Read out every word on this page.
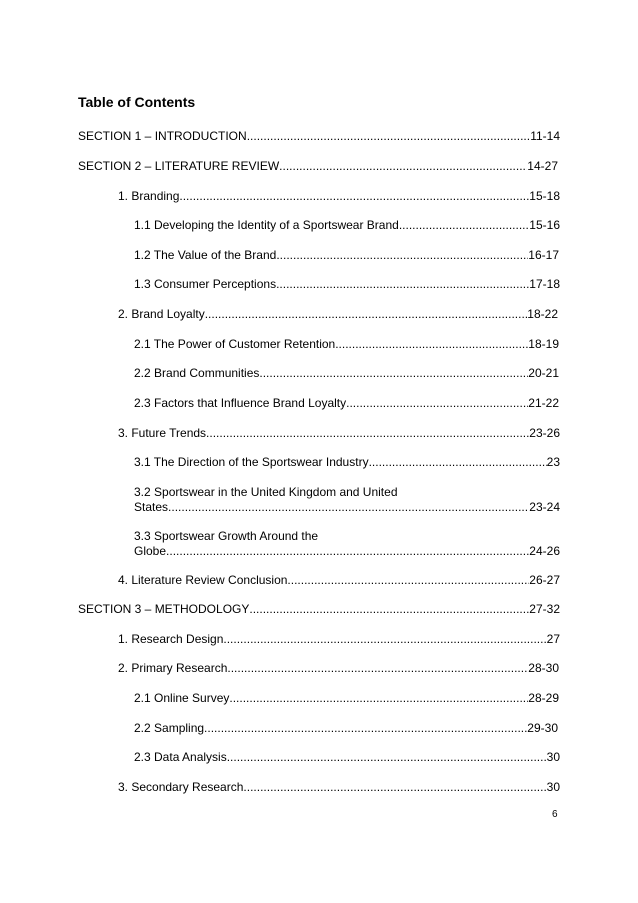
Table of Contents
SECTION 1 – INTRODUCTION .....	11-14
SECTION 2 – LITERATURE REVIEW .....	14-27
1. Branding .....	15-18
1.1 Developing the Identity of a Sportswear Brand .....	15-16
1.2 The Value of the Brand .....	16-17
1.3 Consumer Perceptions .....	17-18
2. Brand Loyalty .....	18-22
2.1 The Power of Customer Retention .....	18-19
2.2 Brand Communities .....	20-21
2.3 Factors that Influence Brand Loyalty .....	21-22
3. Future Trends .....	23-26
3.1 The Direction of the Sportswear Industry .....	23
3.2 Sportswear in the United Kingdom and United
States .....	23-24
3.3 Sportswear Growth Around the
Globe .....	24-26
4. Literature Review Conclusion .....	26-27
SECTION 3 – METHODOLOGY .....	27-32
1. Research Design .....	27
2. Primary Research .....	28-30
2.1 Online Survey .....	28-29
2.2 Sampling .....	29-30
2.3 Data Analysis .....	30
3. Secondary Research .....	30
6
